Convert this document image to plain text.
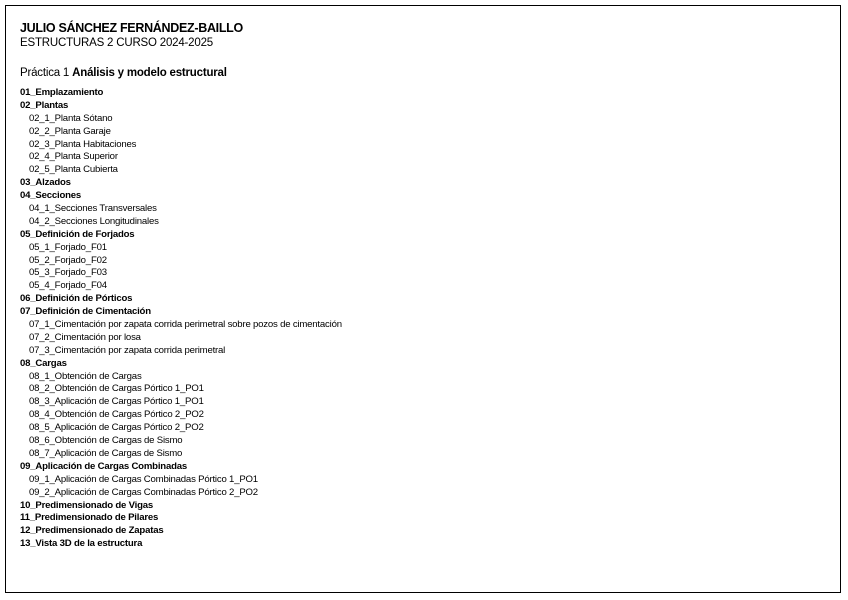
JULIO SÁNCHEZ FERNÁNDEZ-BAILLO
ESTRUCTURAS 2 CURSO 2024-2025
Práctica 1 Análisis y modelo estructural
01_Emplazamiento
02_Plantas
02_1_Planta Sótano
02_2_Planta Garaje
02_3_Planta Habitaciones
02_4_Planta Superior
02_5_Planta Cubierta
03_Alzados
04_Secciones
04_1_Secciones Transversales
04_2_Secciones Longitudinales
05_Definición de Forjados
05_1_Forjado_F01
05_2_Forjado_F02
05_3_Forjado_F03
05_4_Forjado_F04
06_Definición de Pórticos
07_Definición de Cimentación
07_1_Cimentación por zapata corrida perimetral sobre pozos de cimentación
07_2_Cimentación por losa
07_3_Cimentación por zapata corrida perimetral
08_Cargas
08_1_Obtención de Cargas
08_2_Obtención de Cargas Pórtico 1_PO1
08_3_Aplicación de Cargas Pórtico 1_PO1
08_4_Obtención de Cargas Pórtico 2_PO2
08_5_Aplicación de Cargas Pórtico 2_PO2
08_6_Obtención de Cargas de Sismo
08_7_Aplicación de Cargas de Sismo
09_Aplicación de Cargas Combinadas
09_1_Aplicación de Cargas Combinadas Pórtico 1_PO1
09_2_Aplicación de Cargas Combinadas Pórtico 2_PO2
10_Predimensionado de Vigas
11_Predimensionado de Pilares
12_Predimensionado de Zapatas
13_Vista 3D de la estructura
